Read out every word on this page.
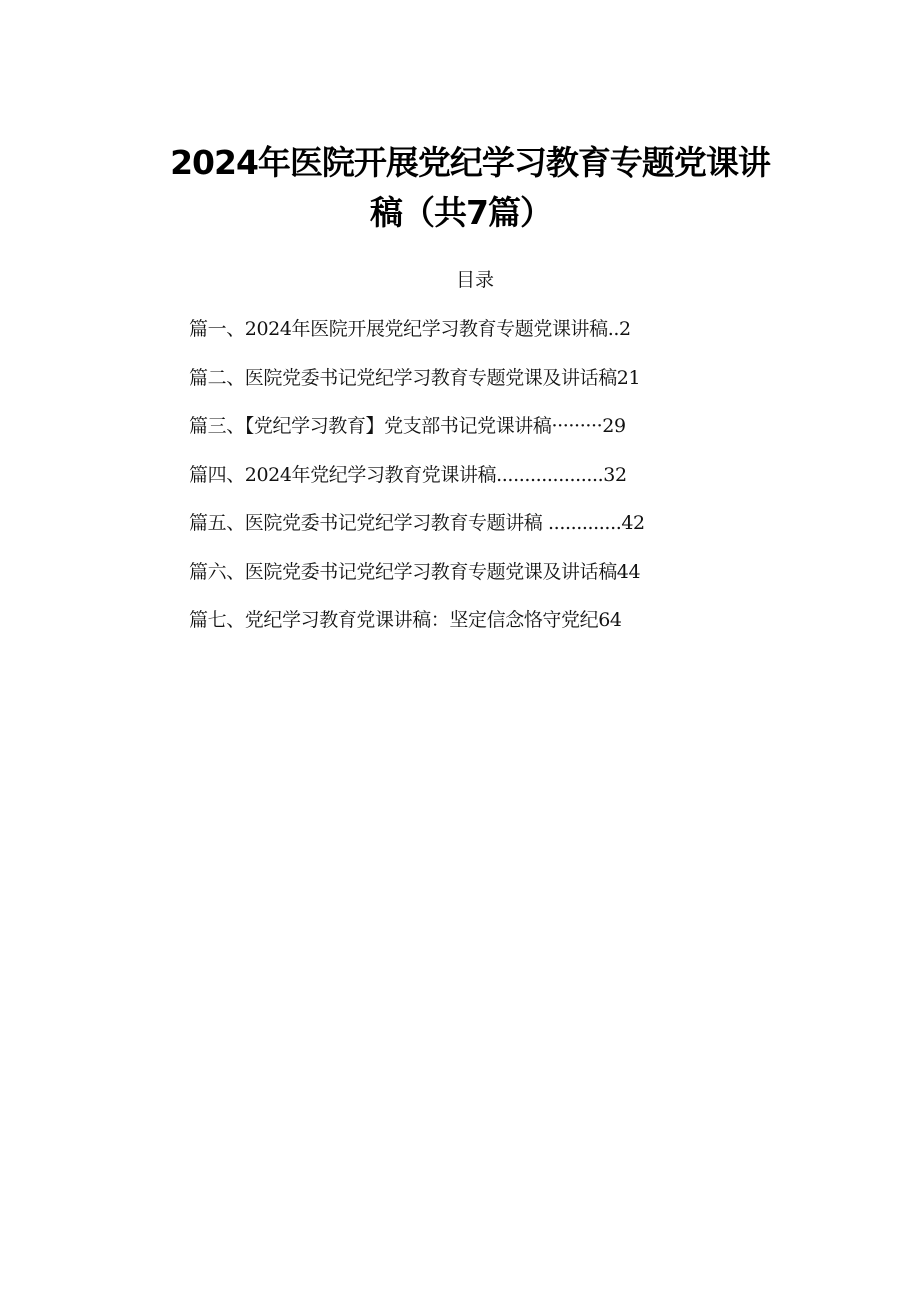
2024年医院开展党纪学习教育专题党课讲
稿（共7篇）
目录
篇一、2024年医院开展党纪学习教育专题党课讲稿..2
篇二、医院党委书记党纪学习教育专题党课及讲话稿21
篇三、【党纪学习教育】党支部书记党课讲稿·········29
篇四、2024年党纪学习教育党课讲稿...................32
篇五、医院党委书记党纪学习教育专题讲稿 .............42
篇六、医院党委书记党纪学习教育专题党课及讲话稿44
篇七、党纪学习教育党课讲稿：坚定信念恪守党纪64
